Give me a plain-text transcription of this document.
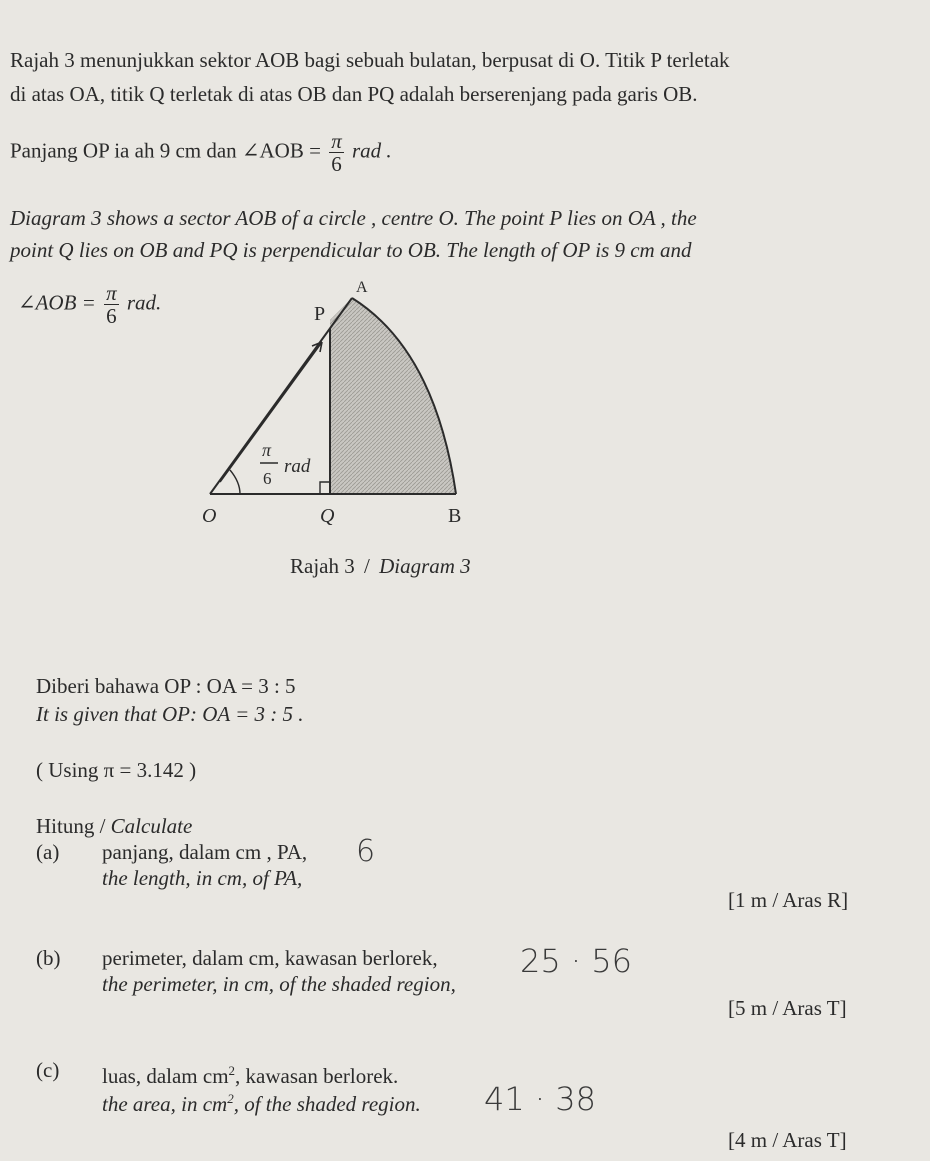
Rajah 3 menunjukkan sektor AOB bagi sebuah bulatan, berpusat di O. Titik P terletak
di atas OA, titik Q terletak di atas OB dan PQ adalah berserenjang pada garis OB.
Panjang OP ia ah 9 cm dan ∠AOB = $\frac{\pi}{6}$ rad .
Diagram 3 shows a sector AOB of a circle , centre O. The point P lies on OA , the
point Q lies on OB and PQ is perpendicular to OB. The length of OP is 9 cm and
∠AOB = $\frac{\pi}{6}$ rad.
A
P
O	Q	B
π
6
rad
Rajah 3 / Diagram 3
Diberi bahawa OP : OA = 3 : 5
It is given that OP: OA = 3 : 5 .
( Using π = 3.142 )
Hitung / Calculate
(a) panjang, dalam cm , PA,
the length, in cm, of PA,
6
[1 m / Aras R]
(b) perimeter, dalam cm, kawasan berlorek,
the perimeter, in cm, of the shaded region,
25 · 56
[5 m / Aras T]
(c) luas, dalam $cm^2$, kawasan berlorek.
the area, in $cm^2$, of the shaded region. 41 · 38
[4 m / Aras T]
